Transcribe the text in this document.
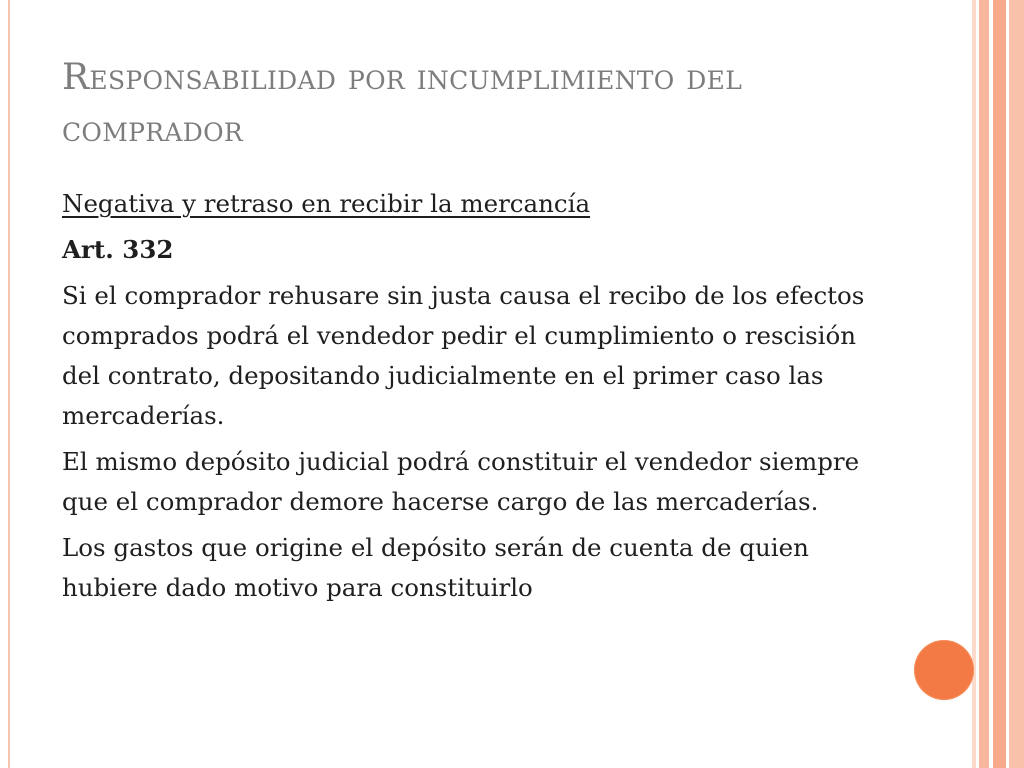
Responsabilidad por incumplimiento del comprador

Negativa y retraso en recibir la mercancía

Art. 332

Si el comprador rehusare sin justa causa el recibo de los efectos comprados podrá el vendedor pedir el cumplimiento o rescisión del contrato, depositando judicialmente en el primer caso las mercaderías.

El mismo depósito judicial podrá constituir el vendedor siempre que el comprador demore hacerse cargo de las mercaderías.

Los gastos que origine el depósito serán de cuenta de quien hubiere dado motivo para constituirlo
